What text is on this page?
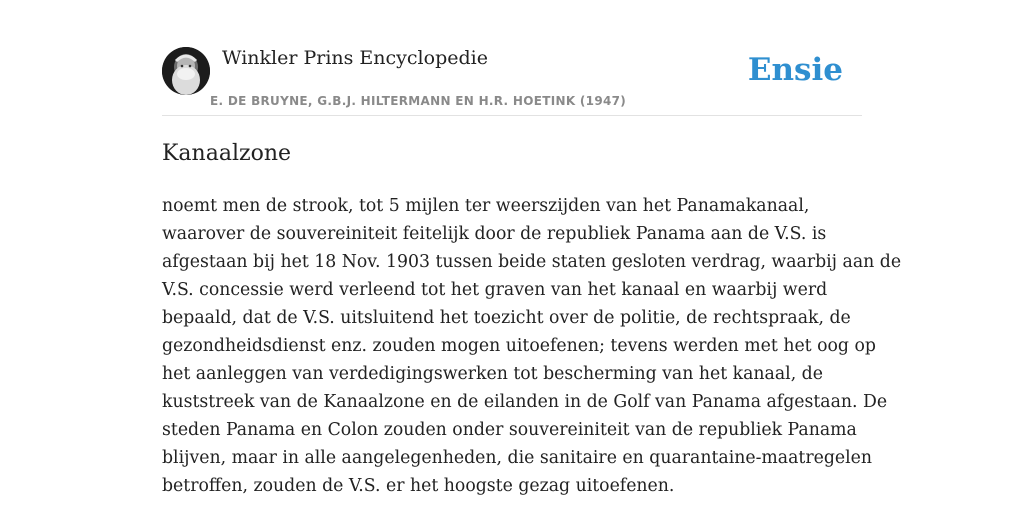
Winkler Prins Encyclopedie
E. DE BRUYNE, G.B.J. HILTERMANN EN H.R. HOETINK (1947)
Ensie
Kanaalzone

noemt men de strook, tot 5 mijlen ter weerszijden van het Panamakanaal,
waarover de souvereiniteit feitelijk door de republiek Panama aan de V.S. is
afgestaan bij het 18 Nov. 1903 tussen beide staten gesloten verdrag, waarbij aan de
V.S. concessie werd verleend tot het graven van het kanaal en waarbij werd
bepaald, dat de V.S. uitsluitend het toezicht over de politie, de rechtspraak, de
gezondheidsdienst enz. zouden mogen uitoefenen; tevens werden met het oog op
het aanleggen van verdedigingswerken tot bescherming van het kanaal, de
kuststreek van de Kanaalzone en de eilanden in de Golf van Panama afgestaan. De
steden Panama en Colon zouden onder souvereiniteit van de republiek Panama
blijven, maar in alle aangelegenheden, die sanitaire en quarantaine-maatregelen
betroffen, zouden de V.S. er het hoogste gezag uitoefenen.
